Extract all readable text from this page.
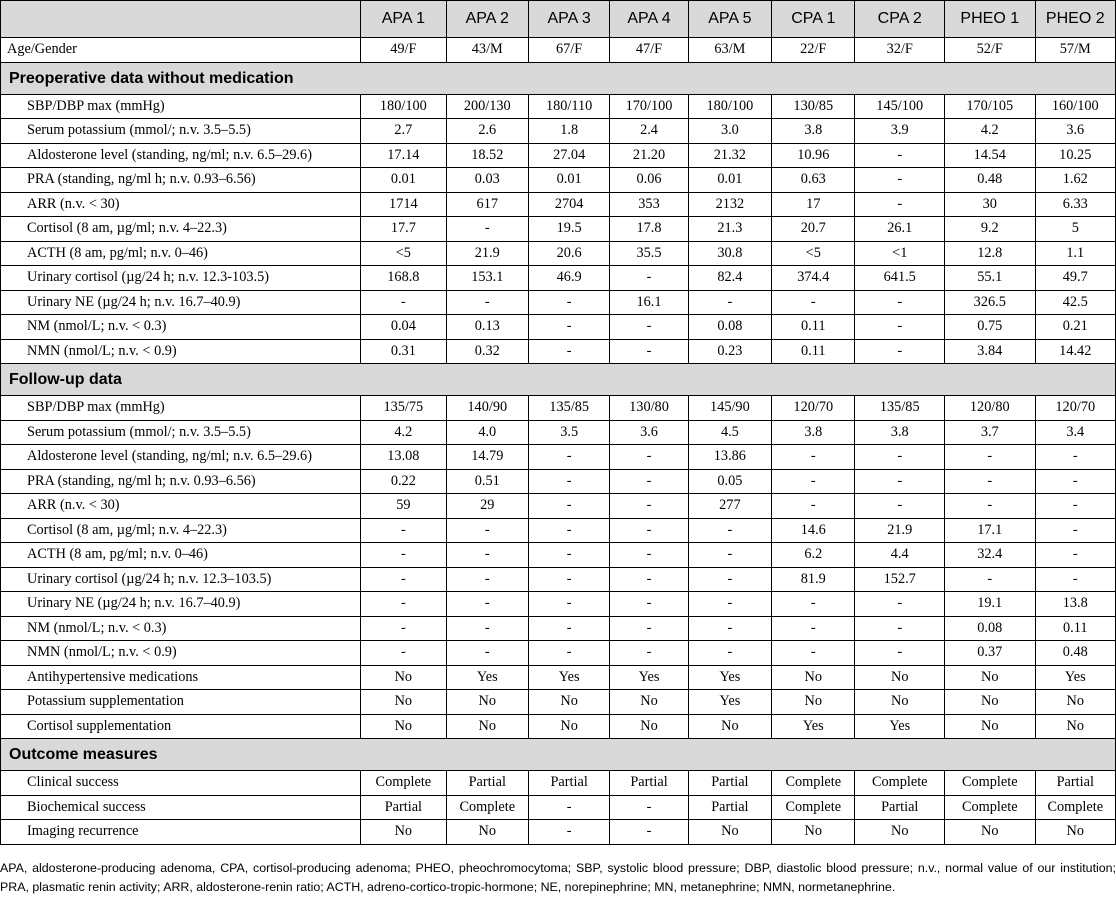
	APA 1	APA 2	APA 3	APA 4	APA 5	CPA 1	CPA 2	PHEO 1	PHEO 2
Age/Gender	49/F	43/M	67/F	47/F	63/M	22/F	32/F	52/F	57/M
Preoperative data without medication									
SBP/DBP max (mmHg)	180/100	200/130	180/110	170/100	180/100	130/85	145/100	170/105	160/100
Serum potassium (mmol/; n.v. 3.5–5.5)	2.7	2.6	1.8	2.4	3.0	3.8	3.9	4.2	3.6
Aldosterone level (standing, ng/ml; n.v. 6.5–29.6)	17.14	18.52	27.04	21.20	21.32	10.96	-	14.54	10.25
PRA (standing, ng/ml h; n.v. 0.93–6.56)	0.01	0.03	0.01	0.06	0.01	0.63	-	0.48	1.62
ARR (n.v. < 30)	1714	617	2704	353	2132	17	-	30	6.33
Cortisol (8 am, µg/ml; n.v. 4–22.3)	17.7	-	19.5	17.8	21.3	20.7	26.1	9.2	5
ACTH (8 am, pg/ml; n.v. 0–46)	<5	21.9	20.6	35.5	30.8	<5	<1	12.8	1.1
Urinary cortisol (µg/24 h; n.v. 12.3-103.5)	168.8	153.1	46.9	-	82.4	374.4	641.5	55.1	49.7
Urinary NE (µg/24 h; n.v. 16.7–40.9)	-	-	-	16.1	-	-	-	326.5	42.5
NM (nmol/L; n.v. < 0.3)	0.04	0.13	-	-	0.08	0.11	-	0.75	0.21
NMN (nmol/L; n.v. < 0.9)	0.31	0.32	-	-	0.23	0.11	-	3.84	14.42
Follow-up data									
SBP/DBP max (mmHg)	135/75	140/90	135/85	130/80	145/90	120/70	135/85	120/80	120/70
Serum potassium (mmol/; n.v. 3.5–5.5)	4.2	4.0	3.5	3.6	4.5	3.8	3.8	3.7	3.4
Aldosterone level (standing, ng/ml; n.v. 6.5–29.6)	13.08	14.79	-	-	13.86	-	-	-	-
PRA (standing, ng/ml h; n.v. 0.93–6.56)	0.22	0.51	-	-	0.05	-	-	-	-
ARR (n.v. < 30)	59	29	-	-	277	-	-	-	-
Cortisol (8 am, µg/ml; n.v. 4–22.3)	-	-	-	-	-	14.6	21.9	17.1	-
ACTH (8 am, pg/ml; n.v. 0–46)	-	-	-	-	-	6.2	4.4	32.4	-
Urinary cortisol (µg/24 h; n.v. 12.3–103.5)	-	-	-	-	-	81.9	152.7	-	-
Urinary NE (µg/24 h; n.v. 16.7–40.9)	-	-	-	-	-	-	-	19.1	13.8
NM (nmol/L; n.v. < 0.3)	-	-	-	-	-	-	-	0.08	0.11
NMN (nmol/L; n.v. < 0.9)	-	-	-	-	-	-	-	0.37	0.48
Antihypertensive medications	No	Yes	Yes	Yes	Yes	No	No	No	Yes
Potassium supplementation	No	No	No	No	Yes	No	No	No	No
Cortisol supplementation	No	No	No	No	No	Yes	Yes	No	No
Outcome measures									
Clinical success	Complete	Partial	Partial	Partial	Partial	Complete	Complete	Complete	Partial
Biochemical success	Partial	Complete	-	-	Partial	Complete	Partial	Complete	Complete
Imaging recurrence	No	No	-	-	No	No	No	No	No

APA, aldosterone-producing adenoma, CPA, cortisol-producing adenoma; PHEO, pheochromocytoma; SBP, systolic blood pressure; DBP, diastolic blood pressure; n.v., normal value of our institution; PRA, plasmatic renin activity; ARR, aldosterone-renin ratio; ACTH, adreno-cortico-tropic-hormone; NE, norepinephrine; MN, metanephrine; NMN, normetanephrine.
